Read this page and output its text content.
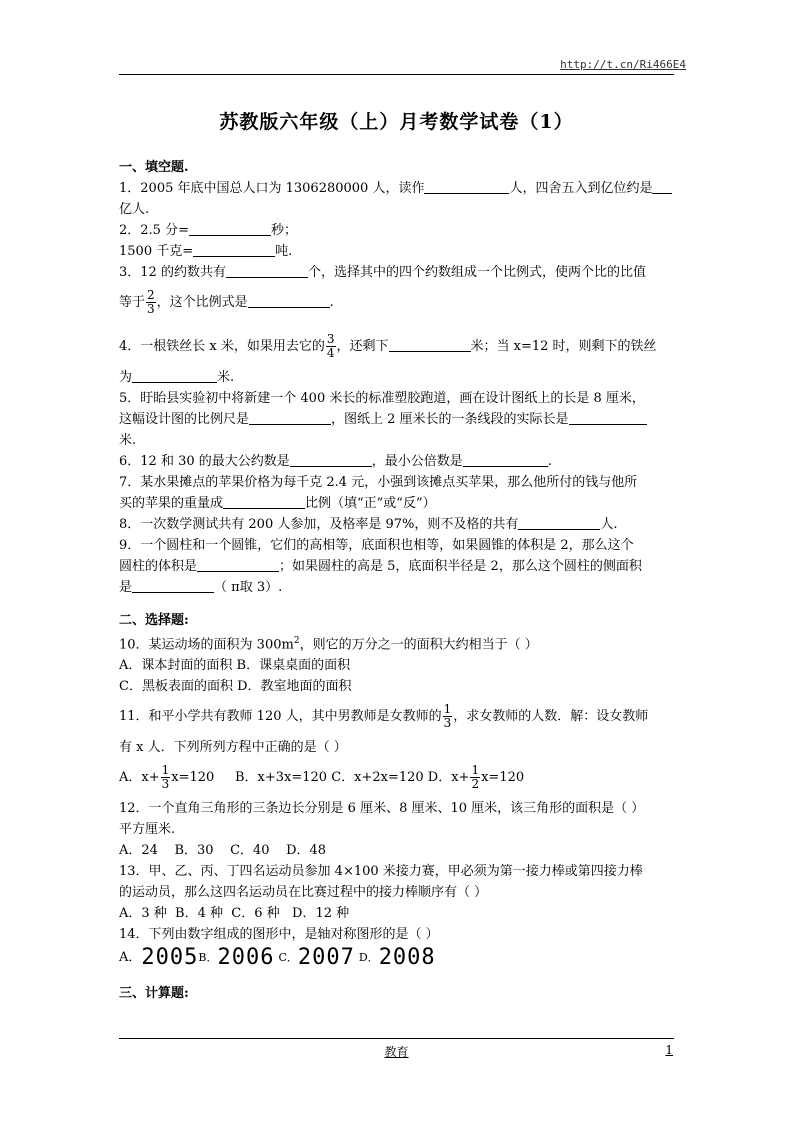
http://t.cn/Ri466E4
苏教版六年级（上）月考数学试卷（1）

一、填空题.

1．2005 年底中国总人口为 1306280000 人，读作	人，四舍五入到亿位约是

亿人.

2．2.5 分=	秒；

1500 千克=	吨.

3．12 的约数共有	个，选择其中的四个约数组成一个比例式，使两个比的比值

等于 $\frac{2}{3}$ ，这个比例式是	.

4．一根铁丝长 x 米，如果用去它的 $\frac{3}{4}$ ，还剩下	米；当 x=12 时，则剩下的铁丝

为	米.

5．盱眙县实验初中将新建一个 400 米长的标准塑胶跑道，画在设计图纸上的长是 8 厘米，

这幅设计图的比例尺是	，图纸上 2 厘米长的一条线段的实际长是

米.

6．12 和 30 的最大公约数是	，最小公倍数是	.

7．某水果摊点的苹果价格为每千克 2.4 元，小强到该摊点买苹果，那么他所付的钱与他所

买的苹果的重量成	比例（填“正”或“反”）

8．一次数学测试共有 200 人参加，及格率是 97%，则不及格的共有	人.

9．一个圆柱和一个圆锥，它们的高相等，底面积也相等，如果圆锥的体积是 2，那么这个

圆柱的体积是	；如果圆柱的高是 5，底面积半径是 2，那么这个圆柱的侧面积

是	（ π取 3）.

二、选择题:

10．某运动场的面积为 $300m^2$，则它的万分之一的面积大约相当于（ ）

A．课本封面的面积 B．课桌桌面的面积

C．黑板表面的面积 D．教室地面的面积

11．和平小学共有教师 120 人，其中男教师是女教师的 $\frac{1}{3}$ ，求女教师的人数．解：设女教师

有 x 人．下列所列方程中正确的是（ ）

A．$x+ \frac{1}{3} x=120$     B．x+3x=120 C．x+2x=120 D．$x+ \frac{1}{2} x=120$

12．一个直角三角形的三条边长分别是 6 厘米、8 厘米、10 厘米，该三角形的面积是（ ）

平方厘米.

A．24    B．30    C．40    D．48

13．甲、乙、丙、丁四名运动员参加 4×100 米接力赛，甲必须为第一接力棒或第四接力棒

的运动员，那么这四名运动员在比赛过程中的接力棒顺序有（ ）

A．3 种  B．4 种  C．6 种   D．12 种

14．下列由数字组成的图形中，是轴对称图形的是（ ）

A．2005B．2006 C．2007 D．2008

三、计算题:

教育	1
